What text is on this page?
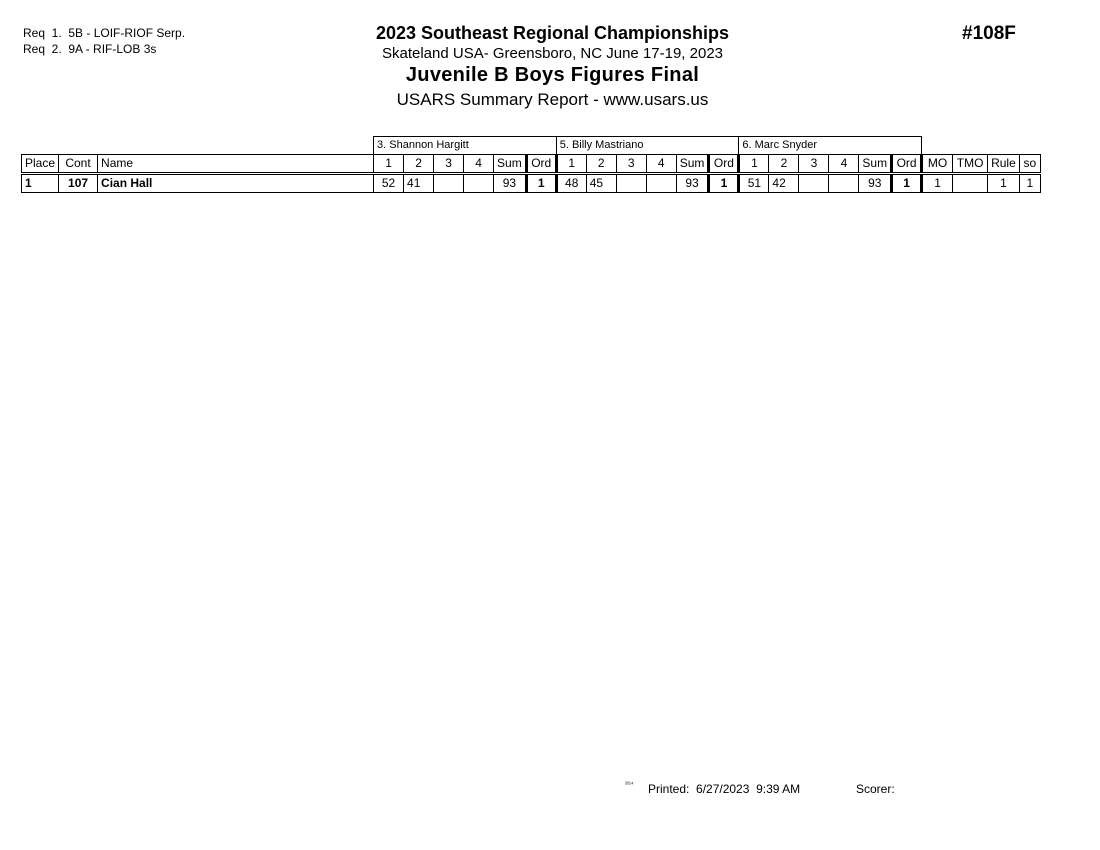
Req  1.  5B - LOIF-RIOF Serp.
Req  2.  9A - RIF-LOB 3s
2023 Southeast Regional Championships
Skateland USA- Greensboro, NC June 17-19, 2023
Juvenile B Boys Figures Final
USARS Summary Report - www.usars.us
#108F
			3. Shannon Hargitt						5. Billy Mastriano						6. Marc Snyder									
Place	Cont	Name	1	2	3	4	Sum	Ord	1	2	3	4	Sum	Ord	1	2	3	4	Sum	Ord	MO	TMO	Rule	so
1	107	Cian Hall	52	41			93	1	48	45			93	1	51	42			93	1	1		1	1
²²¹⁴ Printed:  6/27/2023  9:39 AM	Scorer:
